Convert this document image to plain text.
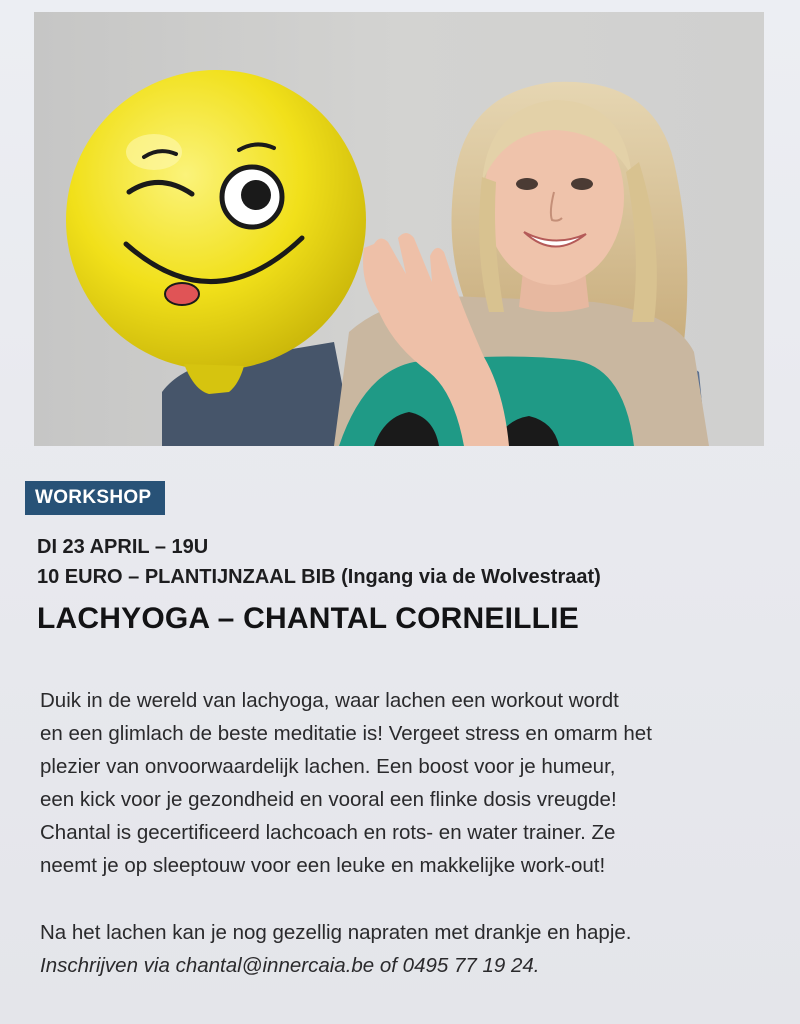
WORKSHOP
DI 23 APRIL – 19U
10 EURO – PLANTIJNZAAL BIB (Ingang via de Wolvestraat)
LACHYOGA – CHANTAL CORNEILLIE

Duik in de wereld van lachyoga, waar lachen een workout wordt

en een glimlach de beste meditatie is! Vergeet stress en omarm het

plezier van onvoorwaardelijk lachen. Een boost voor je humeur,

een kick voor je gezondheid en vooral een flinke dosis vreugde!

Chantal is gecertificeerd lachcoach en rots- en water trainer. Ze

neemt je op sleeptouw voor een leuke en makkelijke work-out!

Na het lachen kan je nog gezellig napraten met drankje en hapje.

Inschrijven via chantal@innercaia.be of 0495 77 19 24.
